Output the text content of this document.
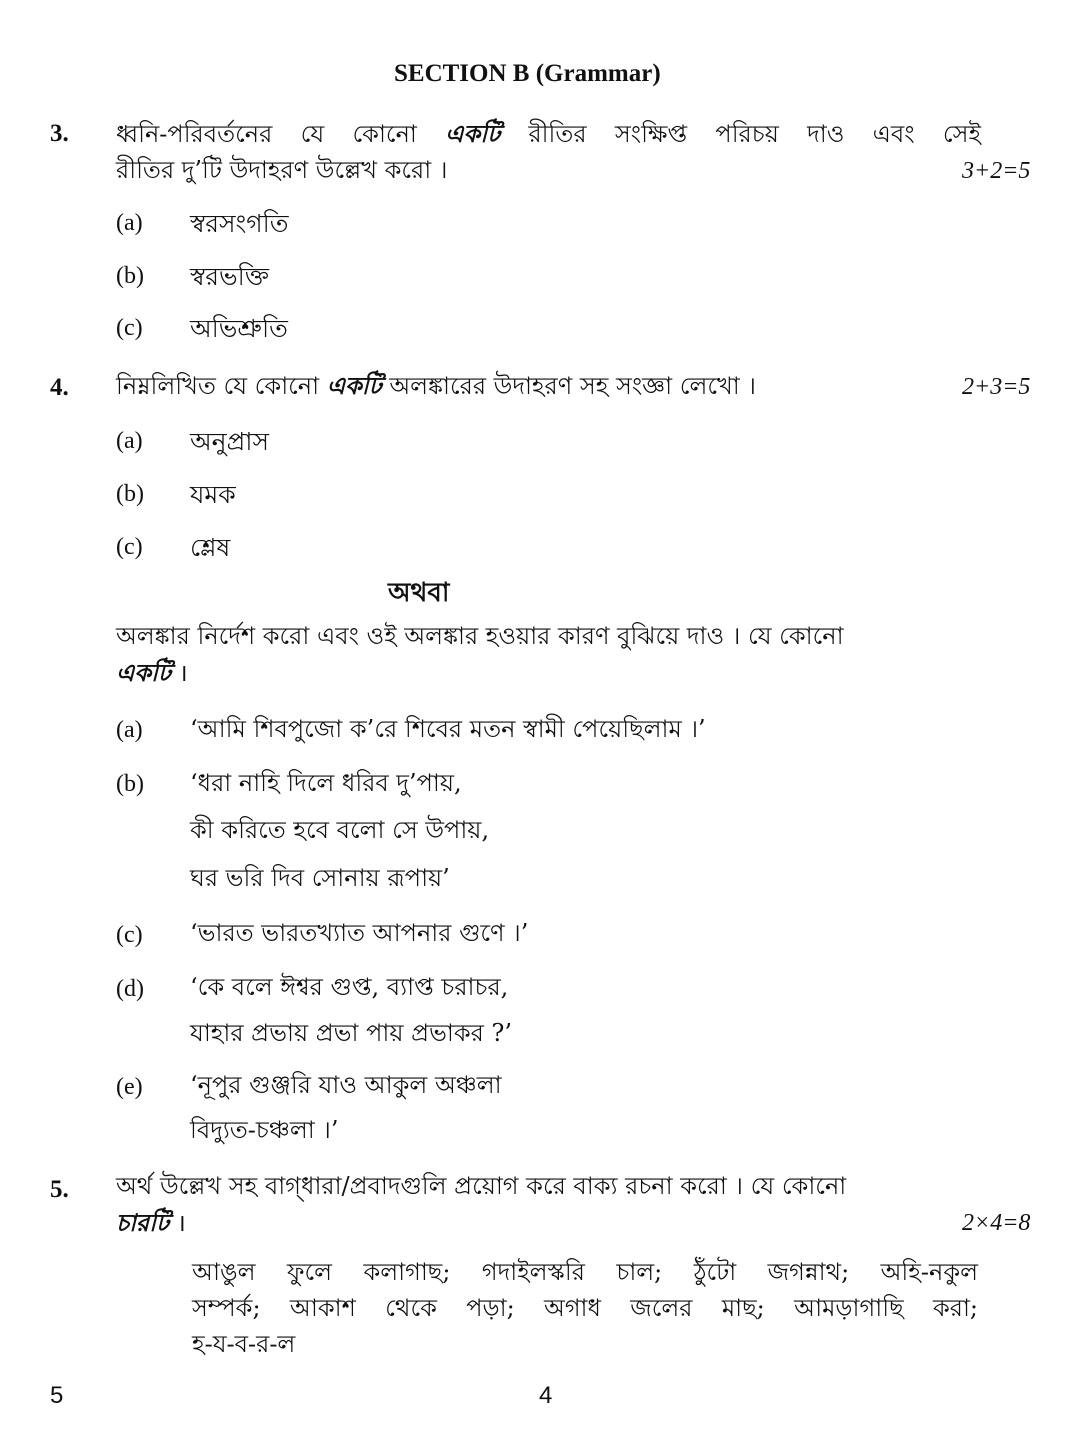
SECTION B (Grammar)
3. ধ্বনি-পরিবর্তনের যে কোনো একটি রীতির সংক্ষিপ্ত পরিচয় দাও এবং সেই
রীতির দু’টি উদাহরণ উল্লেখ করো ।	3+2=5
(a) স্বরসংগতি
(b) স্বরভক্তি
(c) অভিশ্রুতি
4. নিম্নলিখিত যে কোনো একটি অলঙ্কারের উদাহরণ সহ সংজ্ঞা লেখো ।	2+3=5
(a) অনুপ্রাস
(b) যমক
(c) শ্লেষ
অথবা
অলঙ্কার নির্দেশ করো এবং ওই অলঙ্কার হওয়ার কারণ বুঝিয়ে দাও । যে কোনো
একটি ।
(a) ‘আমি শিবপুজো ক’রে শিবের মতন স্বামী পেয়েছিলাম ।’
(b) ‘ধরা নাহি দিলে ধরিব দু’পায়,
কী করিতে হবে বলো সে উপায়,
ঘর ভরি দিব সোনায় রূপায়’
(c) ‘ভারত ভারতখ্যাত আপনার গুণে ।’
(d) ‘কে বলে ঈশ্বর গুপ্ত, ব্যাপ্ত চরাচর,
যাহার প্রভায় প্রভা পায় প্রভাকর ?’
(e) ‘নূপুর গুঞ্জরি যাও আকুল অঞ্চলা
বিদ্যুত-চঞ্চলা ।’
5. অর্থ উল্লেখ সহ বাগ্‌ধারা/প্রবাদগুলি প্রয়োগ করে বাক্য রচনা করো । যে কোনো
চারটি ।	2×4=8
আঙুল ফুলে কলাগাছ; গদাইলস্করি চাল; ঠুঁটো জগন্নাথ; অহি-নকুল
সম্পর্ক; আকাশ থেকে পড়া; অগাধ জলের মাছ; আমড়াগাছি করা;
হ-য-ব-র-ল
5	4
